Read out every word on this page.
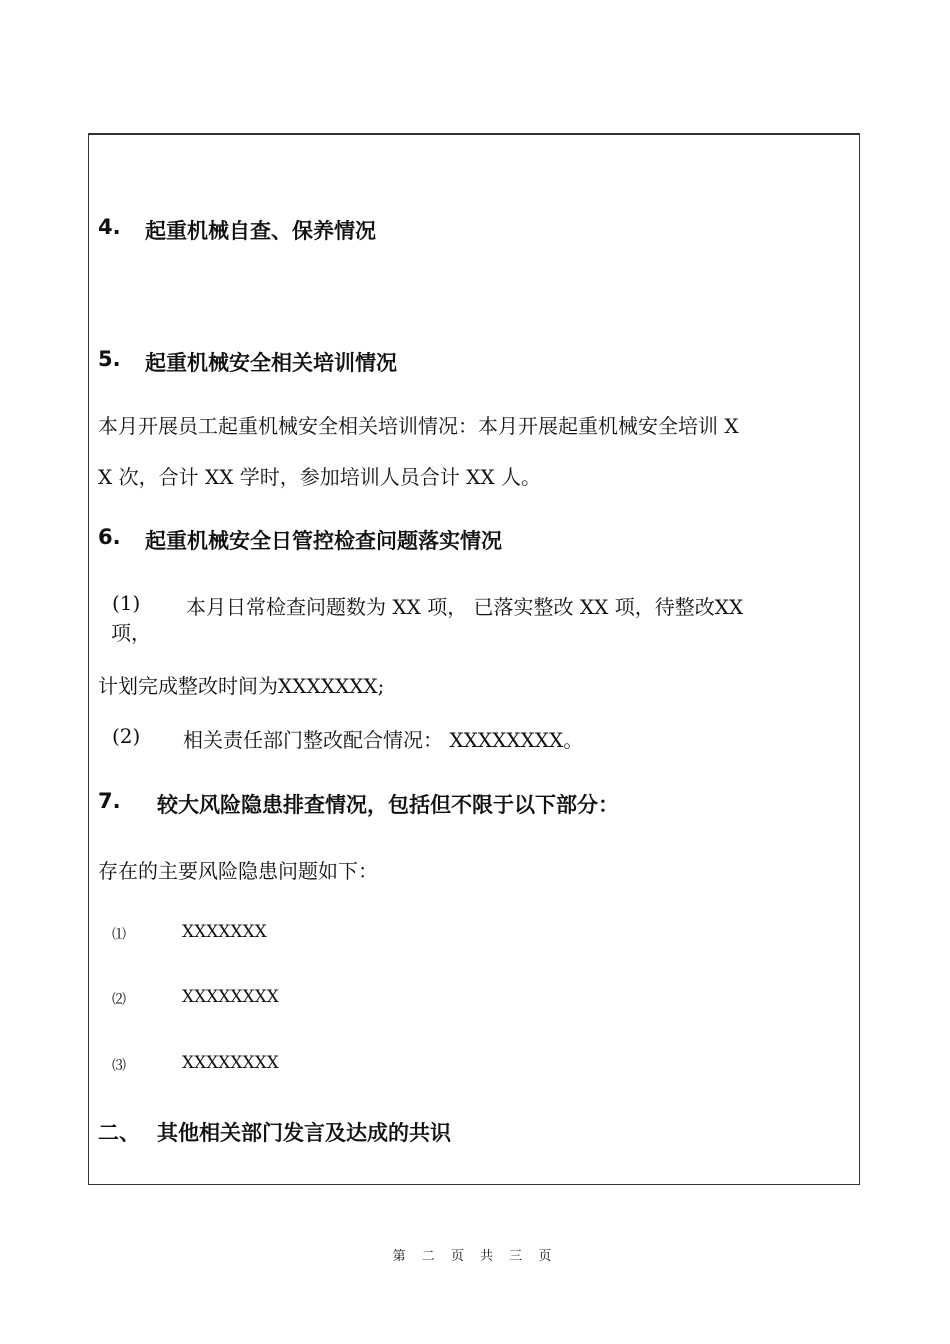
4. 起重机械自查、保养情况
5. 起重机械安全相关培训情况
本月开展员工起重机械安全相关培训情况：本月开展起重机械安全培训 X
X 次，合计 XX 学时，参加培训人员合计 XX 人。
6. 起重机械安全日管控检查问题落实情况
(1) 本月日常检查问题数为 XX 项， 已落实整改 XX 项，待整改XX
项，
计划完成整改时间为XXXXXXX;
(2) 相关责任部门整改配合情况： XXXXXXXX。
7. 较大风险隐患排查情况，包括但不限于以下部分：
存在的主要风险隐患问题如下：
⑴	XXXXXXX
⑵	XXXXXXXX
⑶	XXXXXXXX
二、 其他相关部门发言及达成的共识
第 二 页 共 三 页
